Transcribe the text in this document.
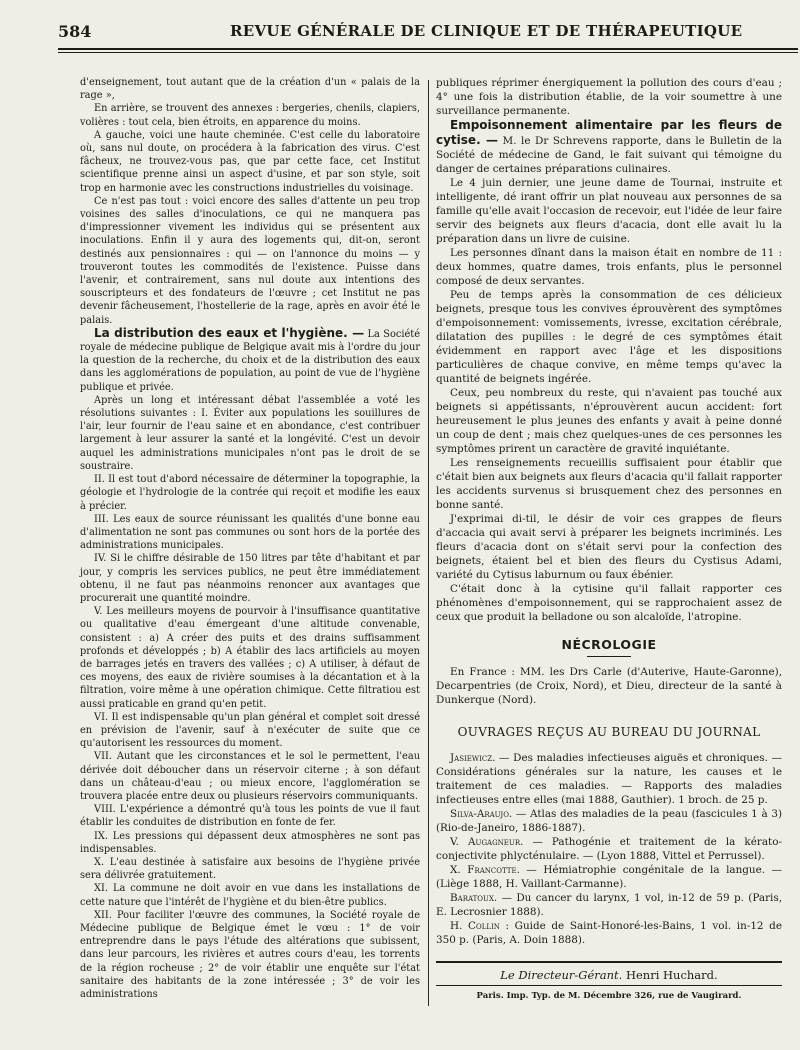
584	REVUE GÉNÉRALE DE CLINIQUE ET DE THÉRAPEUTIQUE

d'enseignement, tout autant que de la création d'un « palais de la rage »,

En arrière, se trouvent des annexes : bergeries, chenils, clapiers, volières : tout cela, bien étroits, en apparence du moins.

A gauche, voici une haute cheminée. C'est celle du laboratoire où, sans nul doute, on procédera à la fabrication des virus. C'est fâcheux, ne trouvez-vous pas, que par cette face, cet Institut scientifique prenne ainsi un aspect d'usine, et par son style, soit trop en harmonie avec les constructions industrielles du voisinage.

Ce n'est pas tout : voici encore des salles d'attente un peu trop voisines des salles d'inoculations, ce qui ne manquera pas d'impressionner vivement les individus qui se présentent aux inoculations. Enfin il y aura des logements qui, dit-on, seront destinés aux pensionnaires : qui — on l'annonce du moins — y trouveront toutes les commodités de l'existence. Puisse dans l'avenir, et contrairement, sans nul doute aux intentions des souscripteurs et des fondateurs de l'œuvre ; cet Institut ne pas devenir fâcheusement, l'hostellerie de la rage, après en avoir été le palais.

La distribution des eaux et l'hygiène. — La Société royale de médecine publique de Belgique avait mis à l'ordre du jour la question de la recherche, du choix et de la distribution des eaux dans les agglomérations de population, au point de vue de l'hygiène publique et privée.

Après un long et intéressant débat l'assemblée a voté les résolutions suivantes : I. Éviter aux populations les souillures de l'air, leur fournir de l'eau saine et en abondance, c'est contribuer largement à leur assurer la santé et la longévité. C'est un devoir auquel les administrations municipales n'ont pas le droit de se soustraire.

II. Il est tout d'abord nécessaire de déterminer la topographie, la géologie et l'hydrologie de la contrée qui reçoit et modifie les eaux à précier.

III. Les eaux de source réunissant les qualités d'une bonne eau d'alimentation ne sont pas communes ou sont hors de la portée des administrations municipales.

IV. Si le chiffre désirable de 150 litres par tête d'habitant et par jour, y compris les services publics, ne peut être immédiatement obtenu, il ne faut pas néanmoins renoncer aux avantages que procurerait une quantité moindre.

V. Les meilleurs moyens de pourvoir à l'insuffisance quantitative ou qualitative d'eau émergeant d'une altitude convenable, consistent : a) A créer des puits et des drains suffisamment profonds et développés ; b) A établir des lacs artificiels au moyen de barrages jetés en travers des vallées ; c) A utiliser, à défaut de ces moyens, des eaux de rivière soumises à la décantation et à la filtration, voire même à une opération chimique. Cette filtratiou est aussi praticable en grand qu'en petit.

VI. Il est indispensable qu'un plan général et complet soit dressé en prévision de l'avenir, sauf à n'exécuter de suite que ce qu'autorisent les ressources du moment.

VII. Autant que les circonstances et le sol le permettent, l'eau dérivée doit déboucher dans un réservoir citerne ; à son défaut dans un château-d'eau ; ou mieux encore, l'agglomération se trouvera placée entre deux ou plusieurs réservoirs communiquants.

VIII. L'expérience a démontré qu'à tous les points de vue il faut établir les conduites de distribution en fonte de fer.

IX. Les pressions qui dépassent deux atmosphères ne sont pas indispensables.

X. L'eau destinée à satisfaire aux besoins de l'hygiène privée sera délivrée gratuitement.

XI. La commune ne doit avoir en vue dans les installations de cette nature que l'intérêt de l'hygiène et du bien-être publics.

XII. Pour faciliter l'œuvre des communes, la Société royale de Médecine publique de Belgique émet le vœu : 1° de voir entreprendre dans le pays l'étude des altérations que subissent, dans leur parcours, les rivières et autres cours d'eau, les torrents de la région rocheuse ; 2° de voir établir une enquête sur l'état sanitaire des habitants de la zone intéressée ; 3° de voir les administrations

publiques réprimer énergiquement la pollution des cours d'eau ; 4° une fois la distribution établie, de la voir soumettre à une surveillance permanente.

Empoisonnement alimentaire par les fleurs de cytise. — M. le Dr Schrevens rapporte, dans le Bulletin de la Société de médecine de Gand, le fait suivant qui témoigne du danger de certaines préparations culinaires.

Le 4 juin dernier, une jeune dame de Tournai, instruite et intelligente, dé irant offrir un plat nouveau aux personnes de sa famille qu'elle avait l'occasion de recevoir, eut l'idée de leur faire servir des beignets aux fleurs d'acacia, dont elle avait lu la préparation dans un livre de cuisine.

Les personnes dînant dans la maison était en nombre de 11 : deux hommes, quatre dames, trois enfants, plus le personnel composé de deux servantes.

Peu de temps après la consommation de ces délicieux beignets, presque tous les convives éprouvèrent des symptômes d'empoisonnement: vomissements, ivresse, excitation cérébrale, dilatation des pupilles : le degré de ces symptômes était évidemment en rapport avec l'âge et les dispositions particulières de chaque convive, en même temps qu'avec la quantité de beignets ingérée.

Ceux, peu nombreux du reste, qui n'avaient pas touché aux beignets si appétissants, n'éprouvèrent aucun accident: fort heureusement le plus jeunes des enfants y avait à peine donné un coup de dent ; mais chez quelques-unes de ces personnes les symptômes prirent un caractère de gravité inquiétante.

Les renseignements recueillis suffisaient pour établir que c'était bien aux beignets aux fleurs d'acacia qu'il fallait rapporter les accidents survenus si brusquement chez des personnes en bonne santé.

J'exprimai di-til, le désir de voir ces grappes de fleurs d'accacia qui avait servi à préparer les beignets incriminés. Les fleurs d'acacia dont on s'était servi pour la confection des beignets, étaient bel et bien des fleurs du Cystisus Adami, variété du Cytisus laburnum ou faux ébénier.

C'était donc à la cytisine qu'il fallait rapporter ces phénomènes d'empoisonnement, qui se rapprochaient assez de ceux que produit la belladone ou son alcaloïde, l'atropine.

NÉCROLOGIE

En France : MM. les Drs Carle (d'Auterive, Haute-Garonne), Decarpentries (de Croix, Nord), et Dieu, directeur de la santé à Dunkerque (Nord).

OUVRAGES REÇUS AU BUREAU DU JOURNAL

Jasiewicz. — Des maladies infectieuses aiguës et chroniques. — Considérations générales sur la nature, les causes et le traitement de ces maladies. — Rapports des maladies infectieuses entre elles (mai 1888, Gauthier). 1 broch. de 25 p.

Silva-Araujo. — Atlas des maladies de la peau (fascicules 1 à 3) (Rio-de-Janeiro, 1886-1887).

V. Augagneur. — Pathogénie et traitement de la kérato-conjectivite phlycténulaire. — (Lyon 1888, Vittel et Perrussel).

X. Francotte. — Hémiatrophie congénitale de la langue. — (Liège 1888, H. Vaillant-Carmanne).

Baratoux. — Du cancer du larynx, 1 vol, in-12 de 59 p. (Paris, E. Lecrosnier 1888).

H. Collin : Guide de Saint-Honoré-les-Bains, 1 vol. in-12 de 350 p. (Paris, A. Doin 1888).

Le Directeur-Gérant. Henri Huchard.
Paris. Imp. Typ. de M. Décembre 326, rue de Vaugirard.
